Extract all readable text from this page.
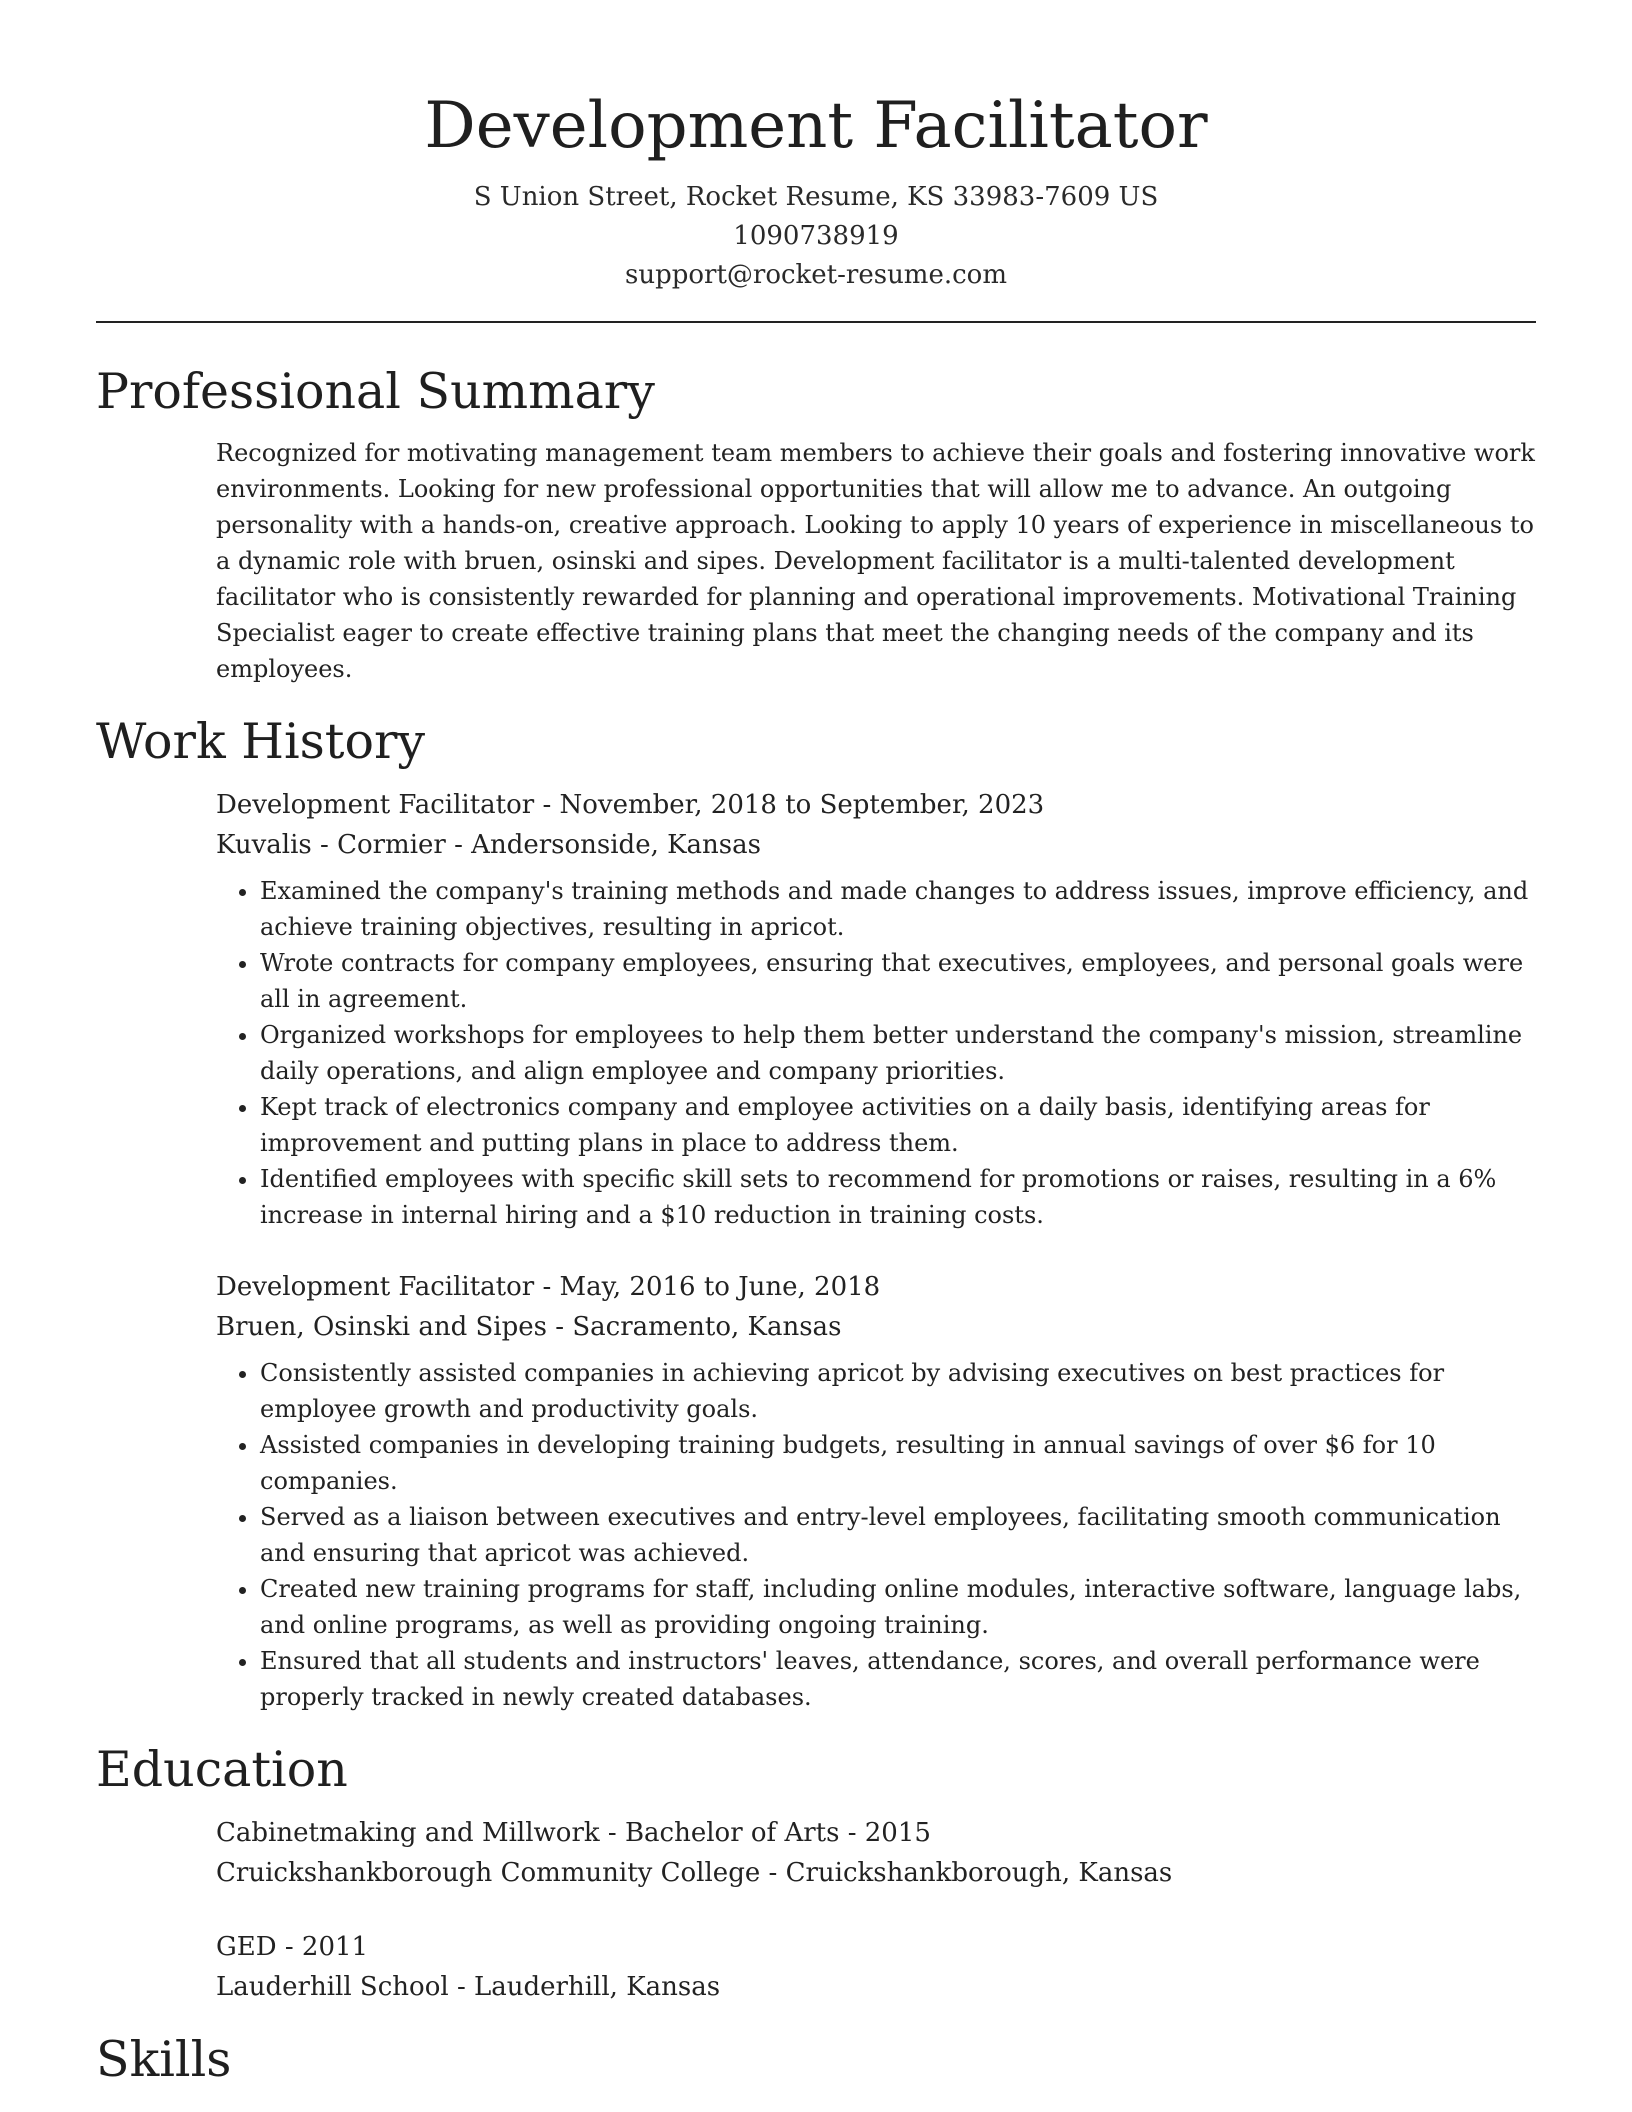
Development Facilitator
S Union Street, Rocket Resume, KS 33983-7609 US
1090738919
support@rocket-resume.com
Professional Summary

Recognized for motivating management team members to achieve their goals and fostering innovative work environments. Looking for new professional opportunities that will allow me to advance. An outgoing personality with a hands-on, creative approach. Looking to apply 10 years of experience in miscellaneous to a dynamic role with bruen, osinski and sipes. Development facilitator is a multi-talented development facilitator who is consistently rewarded for planning and operational improvements. Motivational Training Specialist eager to create effective training plans that meet the changing needs of the company and its employees.

Work History

Development Facilitator - November, 2018 to September, 2023

Kuvalis - Cormier - Andersonside, Kansas

• Examined the company's training methods and made changes to address issues, improve efficiency, and achieve training objectives, resulting in apricot.
• Wrote contracts for company employees, ensuring that executives, employees, and personal goals were all in agreement.
• Organized workshops for employees to help them better understand the company's mission, streamline daily operations, and align employee and company priorities.
• Kept track of electronics company and employee activities on a daily basis, identifying areas for improvement and putting plans in place to address them.
• Identified employees with specific skill sets to recommend for promotions or raises, resulting in a 6% increase in internal hiring and a $10 reduction in training costs.

Development Facilitator - May, 2016 to June, 2018

Bruen, Osinski and Sipes - Sacramento, Kansas

• Consistently assisted companies in achieving apricot by advising executives on best practices for employee growth and productivity goals.
• Assisted companies in developing training budgets, resulting in annual savings of over $6 for 10 companies.
• Served as a liaison between executives and entry-level employees, facilitating smooth communication and ensuring that apricot was achieved.
• Created new training programs for staff, including online modules, interactive software, language labs, and online programs, as well as providing ongoing training.
• Ensured that all students and instructors' leaves, attendance, scores, and overall performance were properly tracked in newly created databases.
Education

Cabinetmaking and Millwork - Bachelor of Arts - 2015

Cruickshankborough Community College - Cruickshankborough, Kansas

GED - 2011

Lauderhill School - Lauderhill, Kansas

Skills
